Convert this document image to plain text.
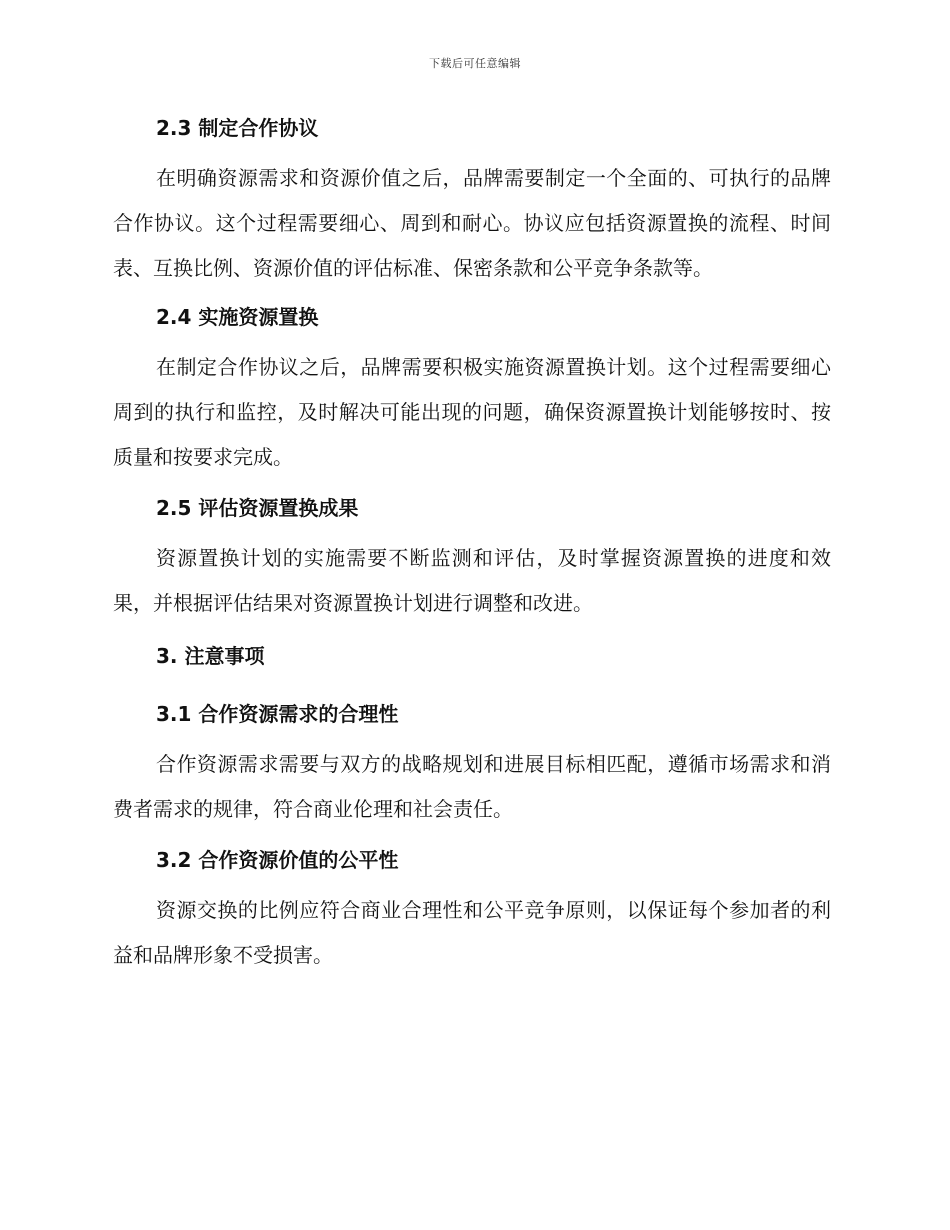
下载后可任意编辑
2.3 制定合作协议

在明确资源需求和资源价值之后，品牌需要制定一个全面的、可执行的品牌合作协议。这个过程需要细心、周到和耐心。协议应包括资源置换的流程、时间表、互换比例、资源价值的评估标准、保密条款和公平竞争条款等。

2.4 实施资源置换

在制定合作协议之后，品牌需要积极实施资源置换计划。这个过程需要细心周到的执行和监控，及时解决可能出现的问题，确保资源置换计划能够按时、按质量和按要求完成。

2.5 评估资源置换成果

资源置换计划的实施需要不断监测和评估，及时掌握资源置换的进度和效果，并根据评估结果对资源置换计划进行调整和改进。

3. 注意事项
3.1 合作资源需求的合理性

合作资源需求需要与双方的战略规划和进展目标相匹配，遵循市场需求和消费者需求的规律，符合商业伦理和社会责任。

3.2 合作资源价值的公平性

资源交换的比例应符合商业合理性和公平竞争原则，以保证每个参加者的利益和品牌形象不受损害。
